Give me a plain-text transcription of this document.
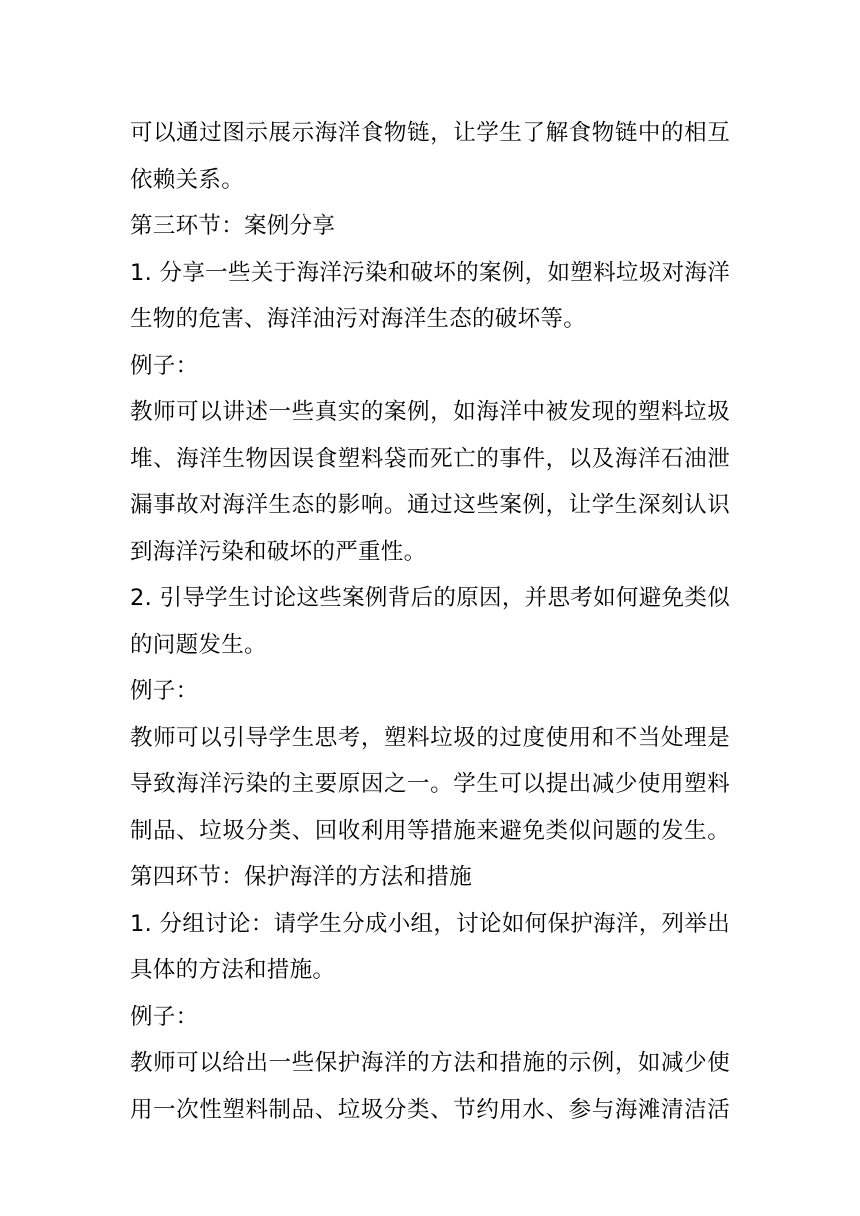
可以通过图示展示海洋食物链，让学生了解食物链中的相互
依赖关系。
第三环节：案例分享
1. 分享一些关于海洋污染和破坏的案例，如塑料垃圾对海洋
生物的危害、海洋油污对海洋生态的破坏等。
例子：
教师可以讲述一些真实的案例，如海洋中被发现的塑料垃圾
堆、海洋生物因误食塑料袋而死亡的事件，以及海洋石油泄
漏事故对海洋生态的影响。通过这些案例，让学生深刻认识
到海洋污染和破坏的严重性。
2. 引导学生讨论这些案例背后的原因，并思考如何避免类似
的问题发生。
例子：
教师可以引导学生思考，塑料垃圾的过度使用和不当处理是
导致海洋污染的主要原因之一。学生可以提出减少使用塑料
制品、垃圾分类、回收利用等措施来避免类似问题的发生。
第四环节：保护海洋的方法和措施
1. 分组讨论：请学生分成小组，讨论如何保护海洋，列举出
具体的方法和措施。
例子：
教师可以给出一些保护海洋的方法和措施的示例，如减少使
用一次性塑料制品、垃圾分类、节约用水、参与海滩清洁活
